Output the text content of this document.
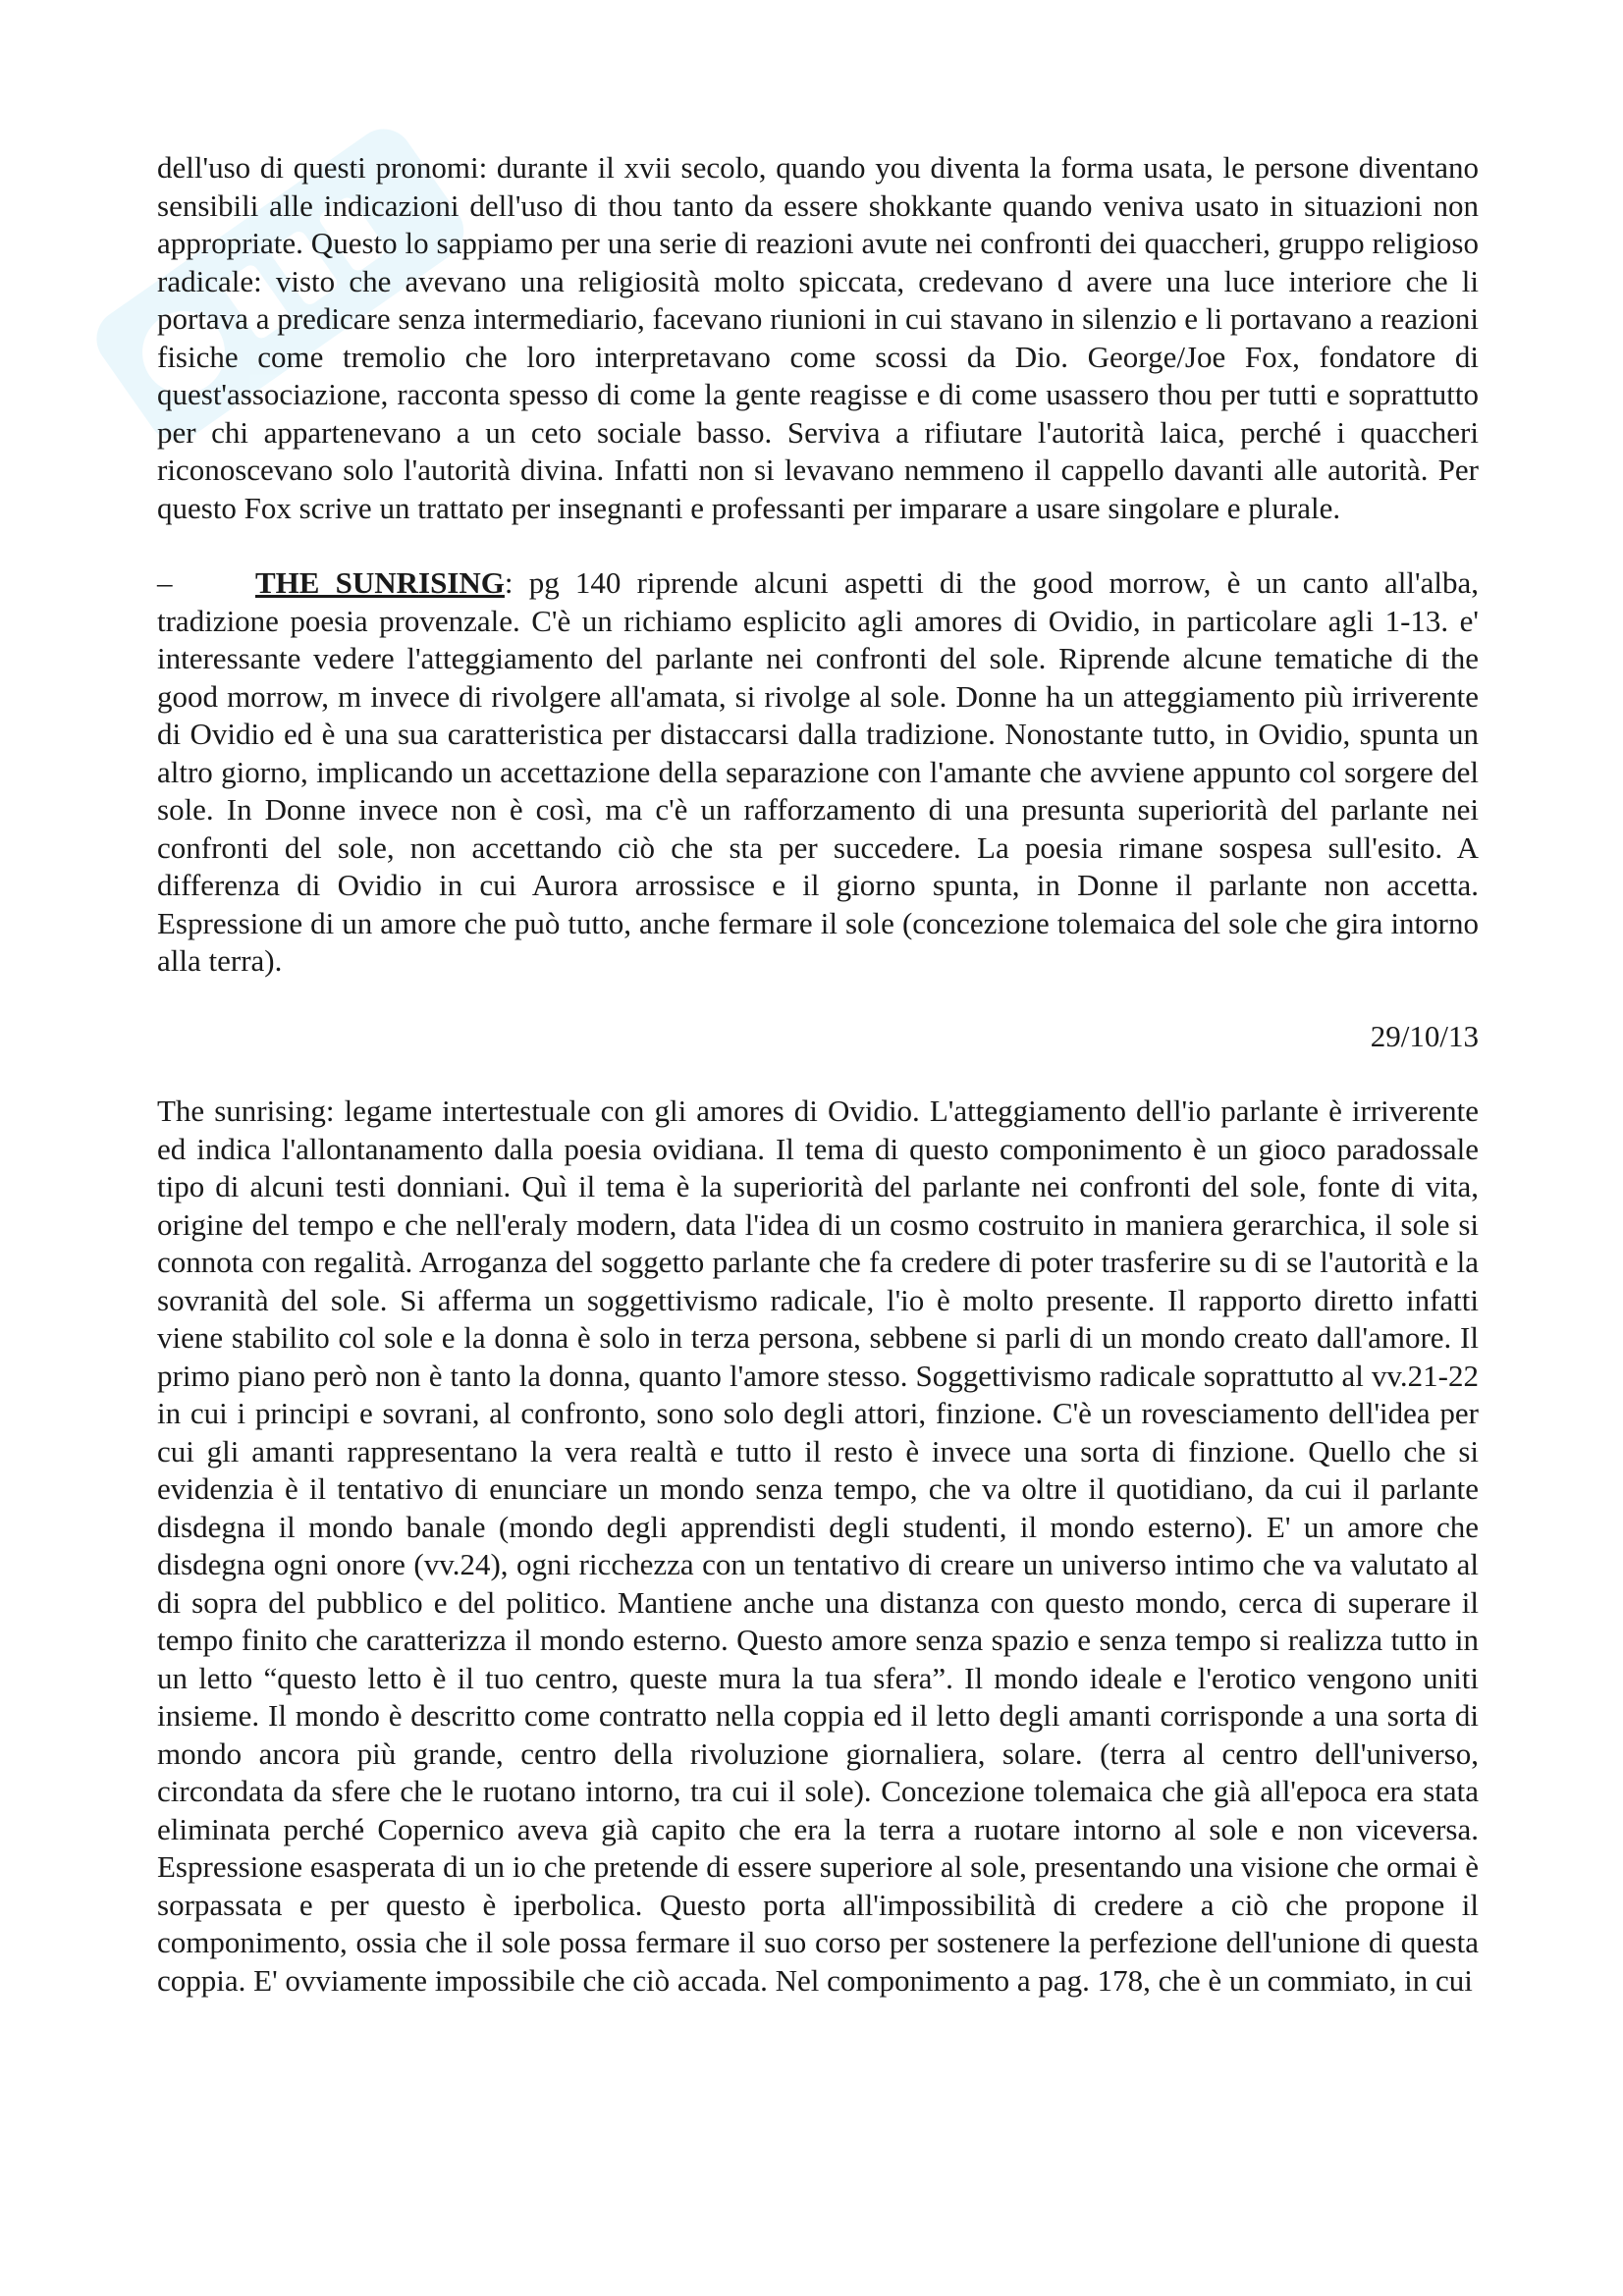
dell'uso di questi pronomi: durante il xvii secolo, quando you diventa la forma usata, le persone diventano sensibili alle indicazioni dell'uso di thou tanto da essere shokkante quando veniva usato in situazioni non appropriate. Questo lo sappiamo per una serie di reazioni avute nei confronti dei quaccheri, gruppo religioso radicale: visto che avevano una religiosità molto spiccata, credevano d avere una luce interiore che li portava a predicare senza intermediario, facevano riunioni in cui stavano in silenzio e li portavano a reazioni fisiche come tremolio che loro interpretavano come scossi da Dio. George/Joe Fox, fondatore di quest'associazione, racconta spesso di come la gente reagisse e di come usassero thou per tutti e soprattutto per chi appartenevano a un ceto sociale basso. Serviva a rifiutare l'autorità laica, perché i quaccheri riconoscevano solo l'autorità divina. Infatti non si levavano nemmeno il cappello davanti alle autorità. Per questo Fox scrive un trattato per insegnanti e professanti per imparare a usare singolare e plurale.

–	THE SUNRISING: pg 140 riprende alcuni aspetti di the good morrow, è un canto all'alba, tradizione poesia provenzale. C'è un richiamo esplicito agli amores di Ovidio, in particolare agli 1-13. e' interessante vedere l'atteggiamento del parlante nei confronti del sole. Riprende alcune tematiche di the good morrow, m invece di rivolgere all'amata, si rivolge al sole. Donne ha un atteggiamento più irriverente di Ovidio ed è una sua caratteristica per distaccarsi dalla tradizione. Nonostante tutto, in Ovidio, spunta un altro giorno, implicando un accettazione della separazione con l'amante che avviene appunto col sorgere del sole. In Donne invece non è così, ma c'è un rafforzamento di una presunta superiorità del parlante nei confronti del sole, non accettando ciò che sta per succedere. La poesia rimane sospesa sull'esito. A differenza di Ovidio in cui Aurora arrossisce e il giorno spunta, in Donne il parlante non accetta. Espressione di un amore che può tutto, anche fermare il sole (concezione tolemaica del sole che gira intorno alla terra).

29/10/13

The sunrising: legame intertestuale con gli amores di Ovidio. L'atteggiamento dell'io parlante è irriverente ed indica l'allontanamento dalla poesia ovidiana. Il tema di questo componimento è un gioco paradossale tipo di alcuni testi donniani. Quì il tema è la superiorità del parlante nei confronti del sole, fonte di vita, origine del tempo e che nell'eraly modern, data l'idea di un cosmo costruito in maniera gerarchica, il sole si connota con regalità. Arroganza del soggetto parlante che fa credere di poter trasferire su di se l'autorità e la sovranità del sole. Si afferma un soggettivismo radicale, l'io è molto presente. Il rapporto diretto infatti viene stabilito col sole e la donna è solo in terza persona, sebbene si parli di un mondo creato dall'amore. Il primo piano però non è tanto la donna, quanto l'amore stesso. Soggettivismo radicale soprattutto al vv.21-22 in cui i principi e sovrani, al confronto, sono solo degli attori, finzione. C'è un rovesciamento dell'idea per cui gli amanti rappresentano la vera realtà e tutto il resto è invece una sorta di finzione. Quello che si evidenzia è il tentativo di enunciare un mondo senza tempo, che va oltre il quotidiano, da cui il parlante disdegna il mondo banale (mondo degli apprendisti degli studenti, il mondo esterno). E' un amore che disdegna ogni onore (vv.24), ogni ricchezza con un tentativo di creare un universo intimo che va valutato al di sopra del pubblico e del politico. Mantiene anche una distanza con questo mondo, cerca di superare il tempo finito che caratterizza il mondo esterno. Questo amore senza spazio e senza tempo si realizza tutto in un letto “questo letto è il tuo centro, queste mura la tua sfera”. Il mondo ideale e l'erotico vengono uniti insieme. Il mondo è descritto come contratto nella coppia ed il letto degli amanti corrisponde a una sorta di mondo ancora più grande, centro della rivoluzione giornaliera, solare. (terra al centro dell'universo, circondata da sfere che le ruotano intorno, tra cui il sole). Concezione tolemaica che già all'epoca era stata eliminata perché Copernico aveva già capito che era la terra a ruotare intorno al sole e non viceversa. Espressione esasperata di un io che pretende di essere superiore al sole, presentando una visione che ormai è sorpassata e per questo è iperbolica. Questo porta all'impossibilità di credere a ciò che propone il componimento, ossia che il sole possa fermare il suo corso per sostenere la perfezione dell'unione di questa coppia. E' ovviamente impossibile che ciò accada. Nel componimento a pag. 178, che è un commiato, in cui
